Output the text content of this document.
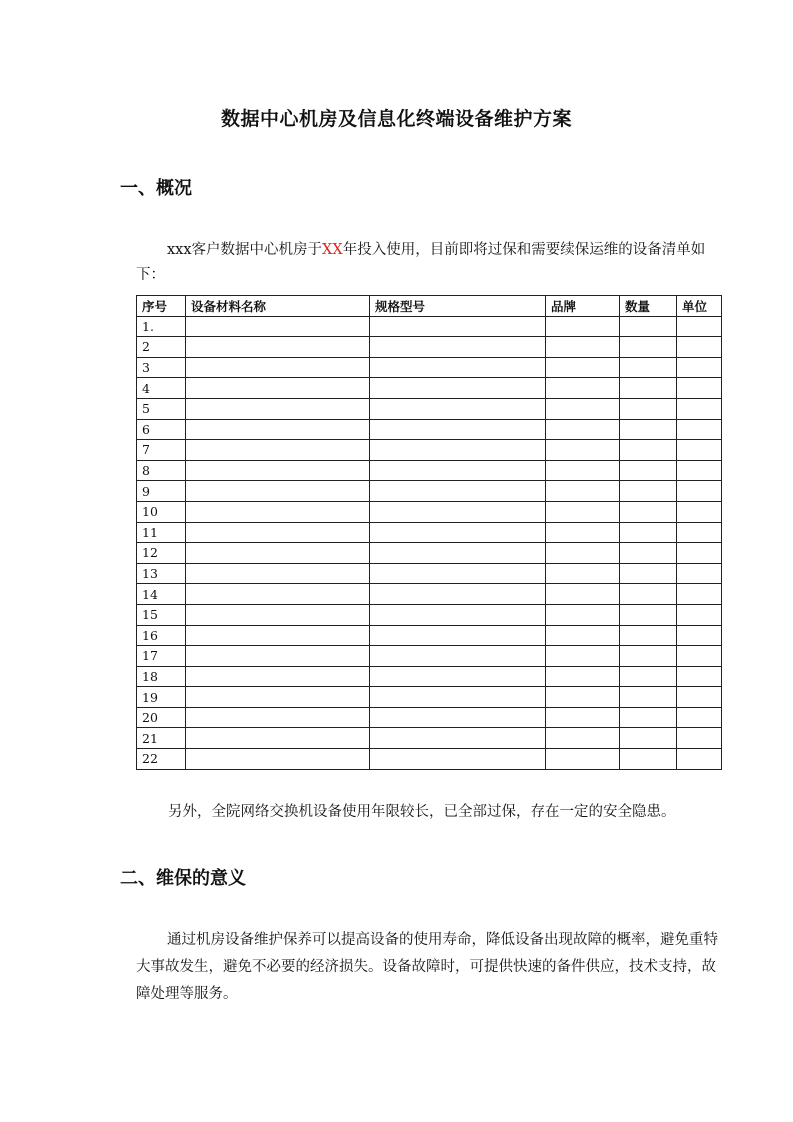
数据中心机房及信息化终端设备维护方案
一、概况
xxx客户数据中心机房于XX年投入使用，目前即将过保和需要续保运维的设备清单如下：
序号	设备材料名称	规格型号	品牌	数量	单位
1.					
2					
3					
4					
5					
6					
7					
8					
9					
10					
11					
12					
13					
14					
15					
16					
17					
18					
19					
20					
21					
22					
另外，全院网络交换机设备使用年限较长，已全部过保，存在一定的安全隐患。
二、维保的意义
通过机房设备维护保养可以提高设备的使用寿命，降低设备出现故障的概率，避免重特大事故发生，避免不必要的经济损失。设备故障时，可提供快速的备件供应，技术支持，故障处理等服务。
